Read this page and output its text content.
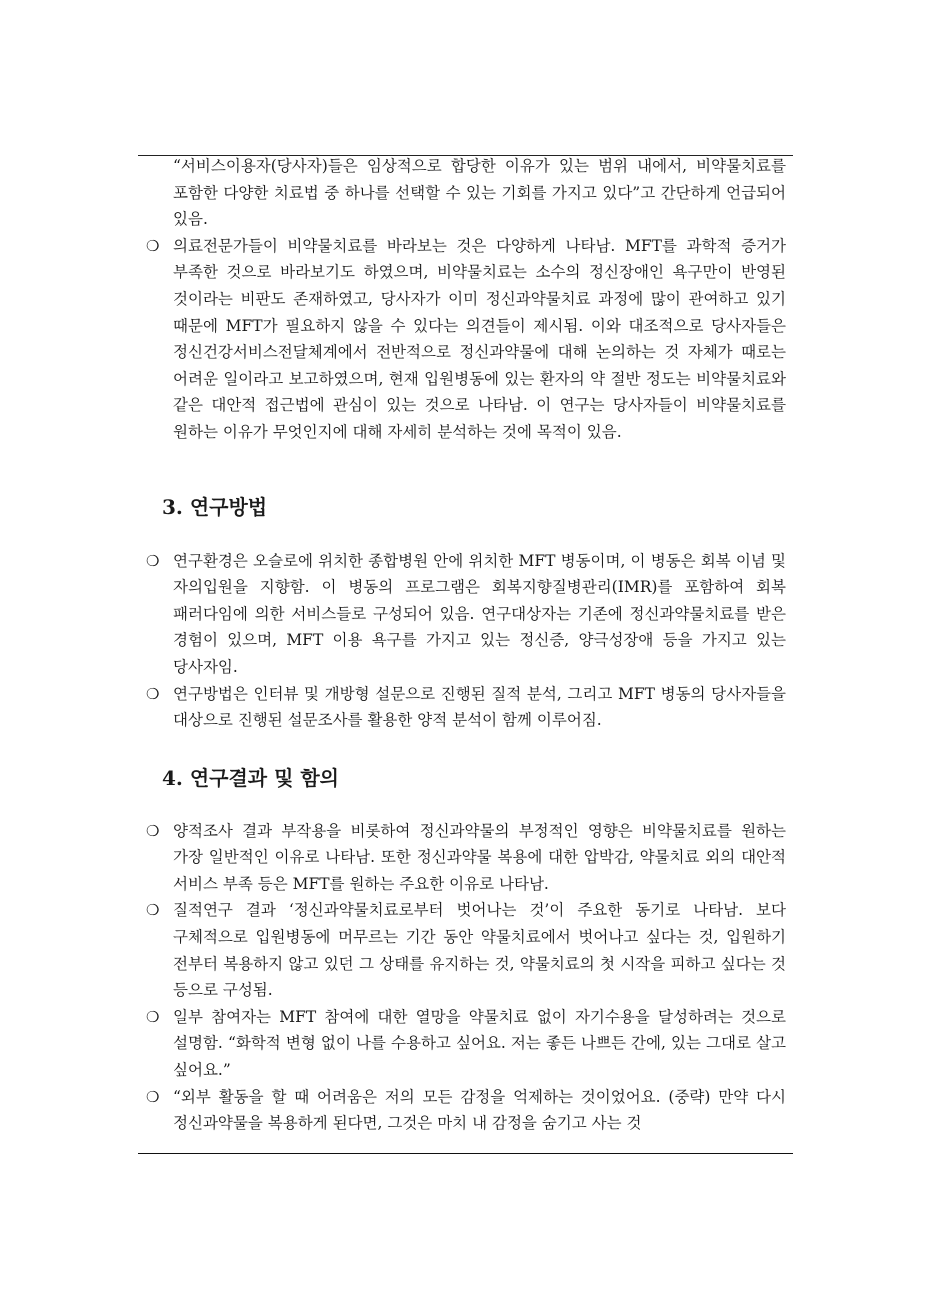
“서비스이용자(당사자)들은 임상적으로 합당한 이유가 있는 범위 내에서, 비약물치료를 포함한 다양한 치료법 중 하나를 선택할 수 있는 기회를 가지고 있다”고 간단하게 언급되어 있음.
❍ 의료전문가들이 비약물치료를 바라보는 것은 다양하게 나타남. MFT를 과학적 증거가 부족한 것으로 바라보기도 하였으며, 비약물치료는 소수의 정신장애인 욕구만이 반영된 것이라는 비판도 존재하였고, 당사자가 이미 정신과약물치료 과정에 많이 관여하고 있기 때문에 MFT가 필요하지 않을 수 있다는 의견들이 제시됨. 이와 대조적으로 당사자들은 정신건강서비스전달체계에서 전반적으로 정신과약물에 대해 논의하는 것 자체가 때로는 어려운 일이라고 보고하였으며, 현재 입원병동에 있는 환자의 약 절반 정도는 비약물치료와 같은 대안적 접근법에 관심이 있는 것으로 나타남. 이 연구는 당사자들이 비약물치료를 원하는 이유가 무엇인지에 대해 자세히 분석하는 것에 목적이 있음.
3. 연구방법
❍ 연구환경은 오슬로에 위치한 종합병원 안에 위치한 MFT 병동이며, 이 병동은 회복 이념 및 자의입원을 지향함. 이 병동의 프로그램은 회복지향질병관리(IMR)를 포함하여 회복 패러다임에 의한 서비스들로 구성되어 있음. 연구대상자는 기존에 정신과약물치료를 받은 경험이 있으며, MFT 이용 욕구를 가지고 있는 정신증, 양극성장애 등을 가지고 있는 당사자임.
❍ 연구방법은 인터뷰 및 개방형 설문으로 진행된 질적 분석, 그리고 MFT 병동의 당사자들을 대상으로 진행된 설문조사를 활용한 양적 분석이 함께 이루어짐.
4. 연구결과 및 함의
❍ 양적조사 결과 부작용을 비롯하여 정신과약물의 부정적인 영향은 비약물치료를 원하는 가장 일반적인 이유로 나타남. 또한 정신과약물 복용에 대한 압박감, 약물치료 외의 대안적 서비스 부족 등은 MFT를 원하는 주요한 이유로 나타남.
❍ 질적연구 결과 ‘정신과약물치료로부터 벗어나는 것’이 주요한 동기로 나타남. 보다 구체적으로 입원병동에 머무르는 기간 동안 약물치료에서 벗어나고 싶다는 것, 입원하기 전부터 복용하지 않고 있던 그 상태를 유지하는 것, 약물치료의 첫 시작을 피하고 싶다는 것 등으로 구성됨.
❍ 일부 참여자는 MFT 참여에 대한 열망을 약물치료 없이 자기수용을 달성하려는 것으로 설명함. “화학적 변형 없이 나를 수용하고 싶어요. 저는 좋든 나쁘든 간에, 있는 그대로 살고 싶어요.”
❍ “외부 활동을 할 때 어려움은 저의 모든 감정을 억제하는 것이었어요. (중략) 만약 다시 정신과약물을 복용하게 된다면, 그것은 마치 내 감정을 숨기고 사는 것
